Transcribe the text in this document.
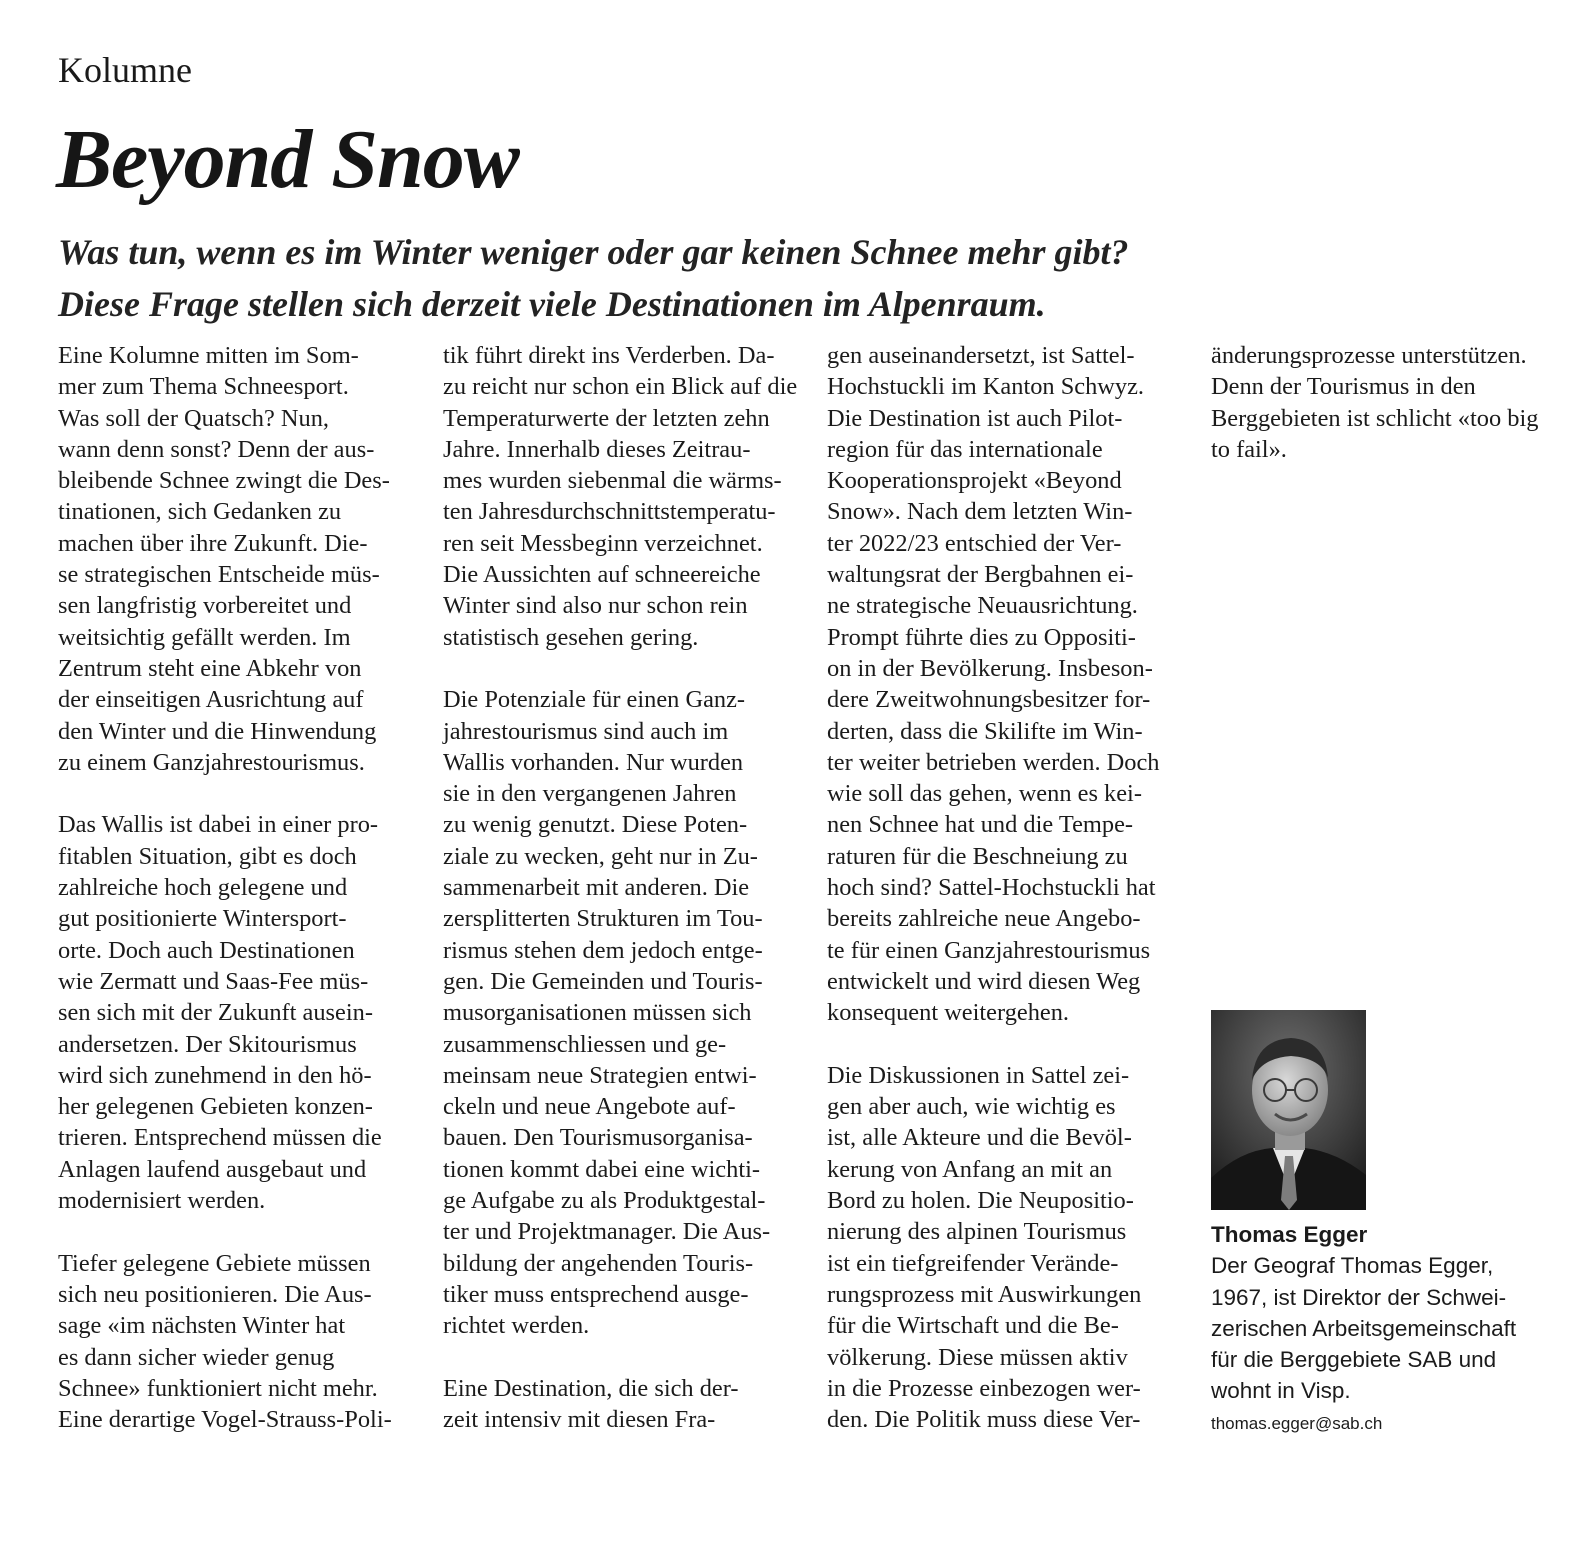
Kolumne
Beyond Snow
Was tun, wenn es im Winter weniger oder gar keinen Schnee mehr gibt?
Diese Frage stellen sich derzeit viele Destinationen im Alpenraum.
Eine Kolumne mitten im Som-
mer zum Thema Schneesport.
Was soll der Quatsch? Nun,
wann denn sonst? Denn der aus-
bleibende Schnee zwingt die Des-
tinationen, sich Gedanken zu
machen über ihre Zukunft. Die-
se strategischen Entscheide müs-
sen langfristig vorbereitet und
weitsichtig gefällt werden. Im
Zentrum steht eine Abkehr von
der einseitigen Ausrichtung auf
den Winter und die Hinwendung
zu einem Ganzjahrestourismus.
Das Wallis ist dabei in einer pro-
fitablen Situation, gibt es doch
zahlreiche hoch gelegene und
gut positionierte Wintersport-
orte. Doch auch Destinationen
wie Zermatt und Saas-Fee müs-
sen sich mit der Zukunft ausein-
andersetzen. Der Skitourismus
wird sich zunehmend in den hö-
her gelegenen Gebieten konzen-
trieren. Entsprechend müssen die
Anlagen laufend ausgebaut und
modernisiert werden.
Tiefer gelegene Gebiete müssen
sich neu positionieren. Die Aus-
sage «im nächsten Winter hat
es dann sicher wieder genug
Schnee» funktioniert nicht mehr.
Eine derartige Vogel-Strauss-Poli-
tik führt direkt ins Verderben. Da-
zu reicht nur schon ein Blick auf die
Temperaturwerte der letzten zehn
Jahre. Innerhalb dieses Zeitrau-
mes wurden siebenmal die wärms-
ten Jahresdurchschnittstemperatu-
ren seit Messbeginn verzeichnet.
Die Aussichten auf schneereiche
Winter sind also nur schon rein
statistisch gesehen gering.
Die Potenziale für einen Ganz-
jahrestourismus sind auch im
Wallis vorhanden. Nur wurden
sie in den vergangenen Jahren
zu wenig genutzt. Diese Poten-
ziale zu wecken, geht nur in Zu-
sammenarbeit mit anderen. Die
zersplitterten Strukturen im Tou-
rismus stehen dem jedoch entge-
gen. Die Gemeinden und Touris-
musorganisationen müssen sich
zusammenschliessen und ge-
meinsam neue Strategien entwi-
ckeln und neue Angebote auf-
bauen. Den Tourismusorganisa-
tionen kommt dabei eine wichti-
ge Aufgabe zu als Produktgestal-
ter und Projektmanager. Die Aus-
bildung der angehenden Touris-
tiker muss entsprechend ausge-
richtet werden.
Eine Destination, die sich der-
zeit intensiv mit diesen Fra-
gen auseinandersetzt, ist Sattel-
Hochstuckli im Kanton Schwyz.
Die Destination ist auch Pilot-
region für das internationale
Kooperationsprojekt «Beyond
Snow». Nach dem letzten Win-
ter 2022/23 entschied der Ver-
waltungsrat der Bergbahnen ei-
ne strategische Neuausrichtung.
Prompt führte dies zu Oppositi-
on in der Bevölkerung. Insbeson-
dere Zweitwohnungsbesitzer for-
derten, dass die Skilifte im Win-
ter weiter betrieben werden. Doch
wie soll das gehen, wenn es kei-
nen Schnee hat und die Tempe-
raturen für die Beschneiung zu
hoch sind? Sattel-Hochstuckli hat
bereits zahlreiche neue Angebo-
te für einen Ganzjahrestourismus
entwickelt und wird diesen Weg
konsequent weitergehen.
Die Diskussionen in Sattel zei-
gen aber auch, wie wichtig es
ist, alle Akteure und die Bevöl-
kerung von Anfang an mit an
Bord zu holen. Die Neupositio-
nierung des alpinen Tourismus
ist ein tiefgreifender Verände-
rungsprozess mit Auswirkungen
für die Wirtschaft und die Be-
völkerung. Diese müssen aktiv
in die Prozesse einbezogen wer-
den. Die Politik muss diese Ver-
änderungsprozesse unterstützen.
Denn der Tourismus in den
Berggebieten ist schlicht «too big
to fail».
Thomas Egger
Der Geograf Thomas Egger,
1967, ist Direktor der Schwei-
zerischen Arbeitsgemeinschaft
für die Berggebiete SAB und
wohnt in Visp.
thomas.egger@sab.ch
